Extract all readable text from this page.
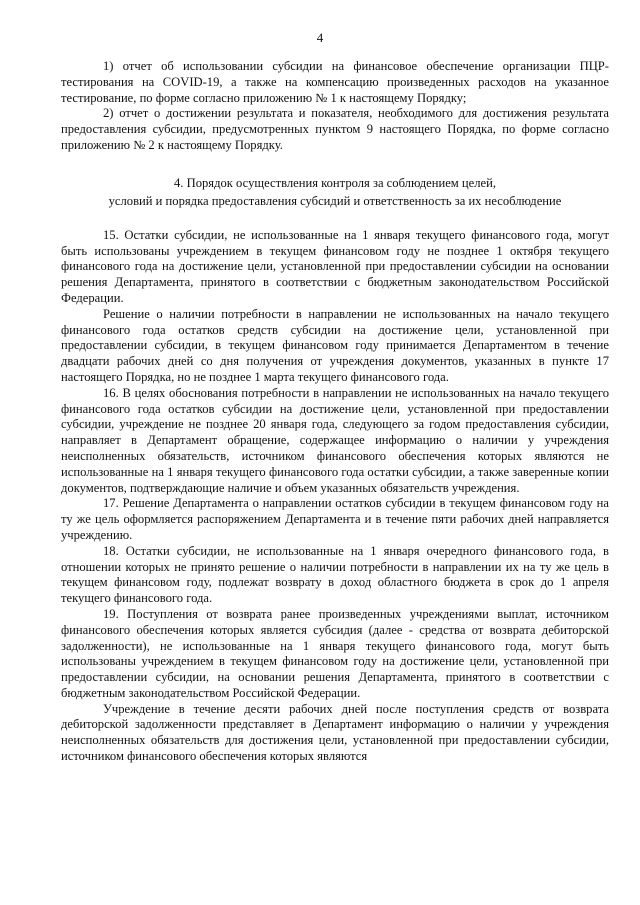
4

1) отчет об использовании субсидии на финансовое обеспечение организации ПЦР-тестирования на COVID-19, а также на компенсацию произведенных расходов на указанное тестирование, по форме согласно приложению № 1 к настоящему Порядку;

2) отчет о достижении результата и показателя, необходимого для достижения результата предоставления субсидии, предусмотренных пунктом 9 настоящего Порядка, по форме согласно приложению № 2 к настоящему Порядку.

4. Порядок осуществления контроля за соблюдением целей,
условий и порядка предоставления субсидий и ответственность за их несоблюдение

15. Остатки субсидии, не использованные на 1 января текущего финансового года, могут быть использованы учреждением в текущем финансовом году не позднее 1 октября текущего финансового года на достижение цели, установленной при предоставлении субсидии на основании решения Департамента, принятого в соответствии с бюджетным законодательством Российской Федерации.

Решение о наличии потребности в направлении не использованных на начало текущего финансового года остатков средств субсидии на достижение цели, установленной при предоставлении субсидии, в текущем финансовом году принимается Департаментом в течение двадцати рабочих дней со дня получения от учреждения документов, указанных в пункте 17 настоящего Порядка, но не позднее 1 марта текущего финансового года.

16. В целях обоснования потребности в направлении не использованных на начало текущего финансового года остатков субсидии на достижение цели, установленной при предоставлении субсидии, учреждение не позднее 20 января года, следующего за годом предоставления субсидии, направляет в Департамент обращение, содержащее информацию о наличии у учреждения неисполненных обязательств, источником финансового обеспечения которых являются не использованные на 1 января текущего финансового года остатки субсидии, а также заверенные копии документов, подтверждающие наличие и объем указанных обязательств учреждения.

17. Решение Департамента о направлении остатков субсидии в текущем финансовом году на ту же цель оформляется распоряжением Департамента и в течение пяти рабочих дней направляется учреждению.

18. Остатки субсидии, не использованные на 1 января очередного финансового года, в отношении которых не принято решение о наличии потребности в направлении их на ту же цель в текущем финансовом году, подлежат возврату в доход областного бюджета в срок до 1 апреля текущего финансового года.

19. Поступления от возврата ранее произведенных учреждениями выплат, источником финансового обеспечения которых является субсидия (далее - средства от возврата дебиторской задолженности), не использованные на 1 января текущего финансового года, могут быть использованы учреждением в текущем финансовом году на достижение цели, установленной при предоставлении субсидии, на основании решения Департамента, принятого в соответствии с бюджетным законодательством Российской Федерации.

Учреждение в течение десяти рабочих дней после поступления средств от возврата дебиторской задолженности представляет в Департамент информацию о наличии у учреждения неисполненных обязательств для достижения цели, установленной при предоставлении субсидии, источником финансового обеспечения которых являются
